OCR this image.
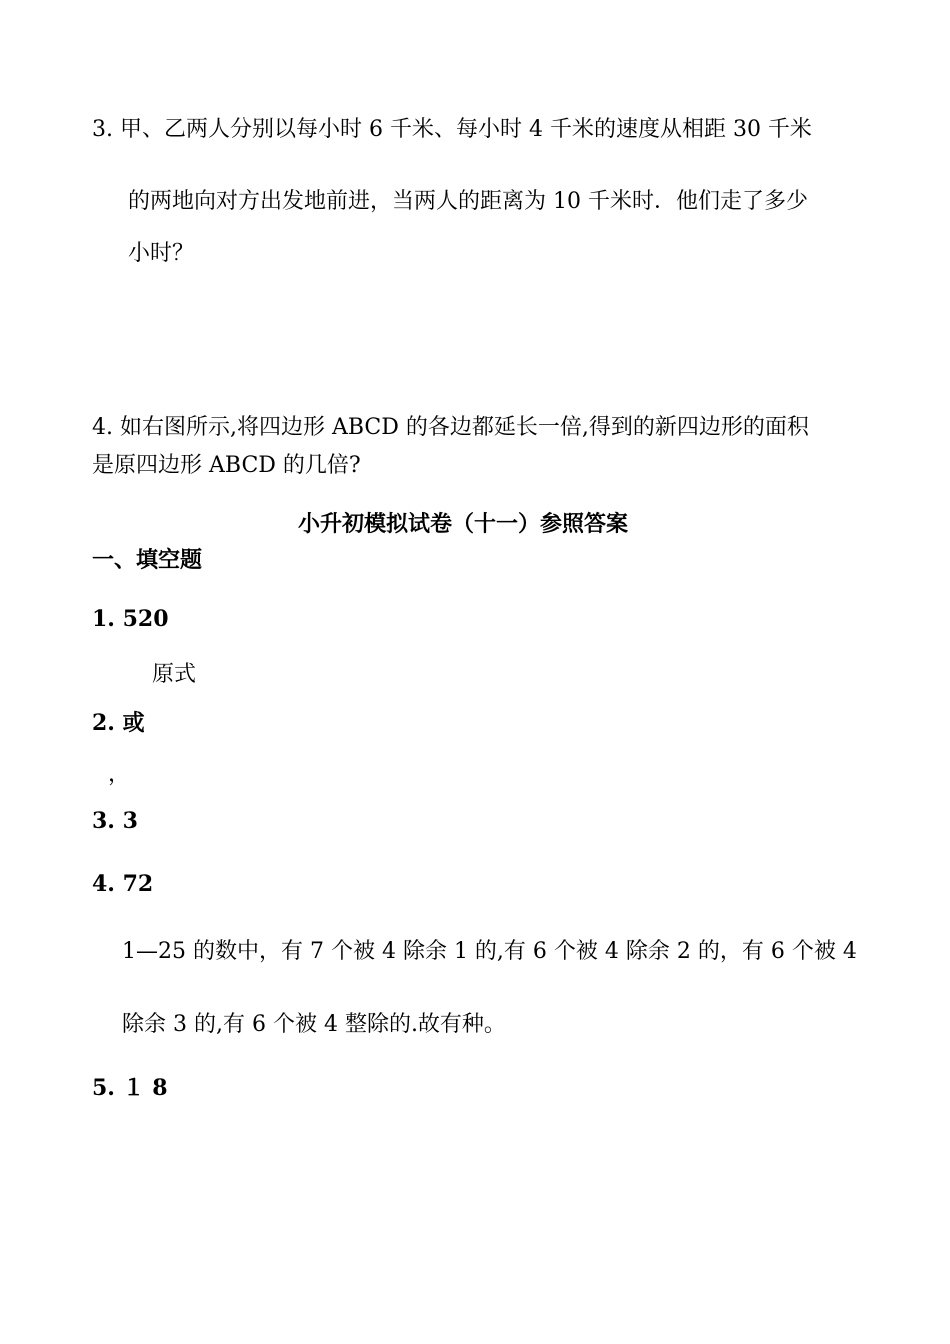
3. 甲、乙两人分别以每小时 6 千米、每小时 4 千米的速度从相距 30 千米
的两地向对方出发地前进，当两人的距离为 10 千米时．他们走了多少
小时？
4. 如右图所示,将四边形 ABCD 的各边都延长一倍,得到的新四边形的面积
是原四边形 ABCD 的几倍?
小升初模拟试卷（十一）参照答案
一、填空题
1. 520
原式
2. 或
，
3. 3
4. 72
1—25 的数中，有 7 个被 4 除余 1 的,有 6 个被 4 除余 2 的，有 6 个被 4
除余 3 的,有 6 个被 4 整除的.故有种。
5. １ 8
